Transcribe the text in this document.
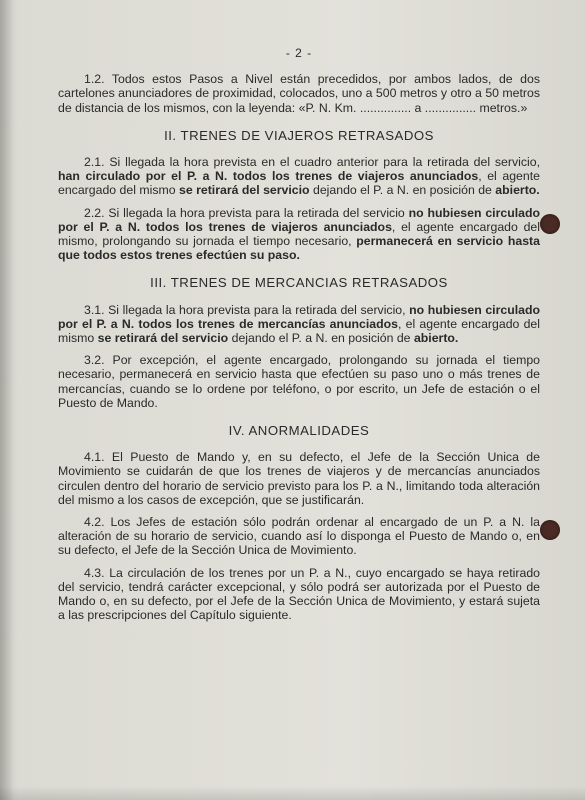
- 2 -

1.2. Todos estos Pasos a Nivel están precedidos, por ambos lados, de dos cartelones anunciadores de proximidad, colocados, uno a 500 metros y otro a 50 metros de distancia de los mismos, con la leyenda: «P. N. Km. ............... a ............... metros.»

II. TRENES DE VIAJEROS RETRASADOS

2.1. Si llegada la hora prevista en el cuadro anterior para la retirada del servicio, han circulado por el P. a N. todos los trenes de viajeros anunciados, el agente encargado del mismo se retirará del servicio dejando el P. a N. en posición de abierto.

2.2. Si llegada la hora prevista para la retirada del servicio no hubiesen circulado por el P. a N. todos los trenes de viajeros anunciados, el agente encargado del mismo, prolongando su jornada el tiempo necesario, permanecerá en servicio hasta que todos estos trenes efectúen su paso.

III. TRENES DE MERCANCIAS RETRASADOS

3.1. Si llegada la hora prevista para la retirada del servicio, no hubiesen circulado por el P. a N. todos los trenes de mercancías anunciados, el agente encargado del mismo se retirará del servicio dejando el P. a N. en posición de abierto.

3.2. Por excepción, el agente encargado, prolongando su jornada el tiempo necesario, permanecerá en servicio hasta que efectúen su paso uno o más trenes de mercancías, cuando se lo ordene por teléfono, o por escrito, un Jefe de estación o el Puesto de Mando.

IV. ANORMALIDADES

4.1. El Puesto de Mando y, en su defecto, el Jefe de la Sección Unica de Movimiento se cuidarán de que los trenes de viajeros y de mercancías anunciados circulen dentro del horario de servicio previsto para los P. a N., limitando toda alteración del mismo a los casos de excepción, que se justificarán.

4.2. Los Jefes de estación sólo podrán ordenar al encargado de un P. a N. la alteración de su horario de servicio, cuando así lo disponga el Puesto de Mando o, en su defecto, el Jefe de la Sección Unica de Movimiento.

4.3. La circulación de los trenes por un P. a N., cuyo encargado se haya retirado del servicio, tendrá carácter excepcional, y sólo podrá ser autorizada por el Puesto de Mando o, en su defecto, por el Jefe de la Sección Unica de Movimiento, y estará sujeta a las prescripciones del Capítulo siguiente.
